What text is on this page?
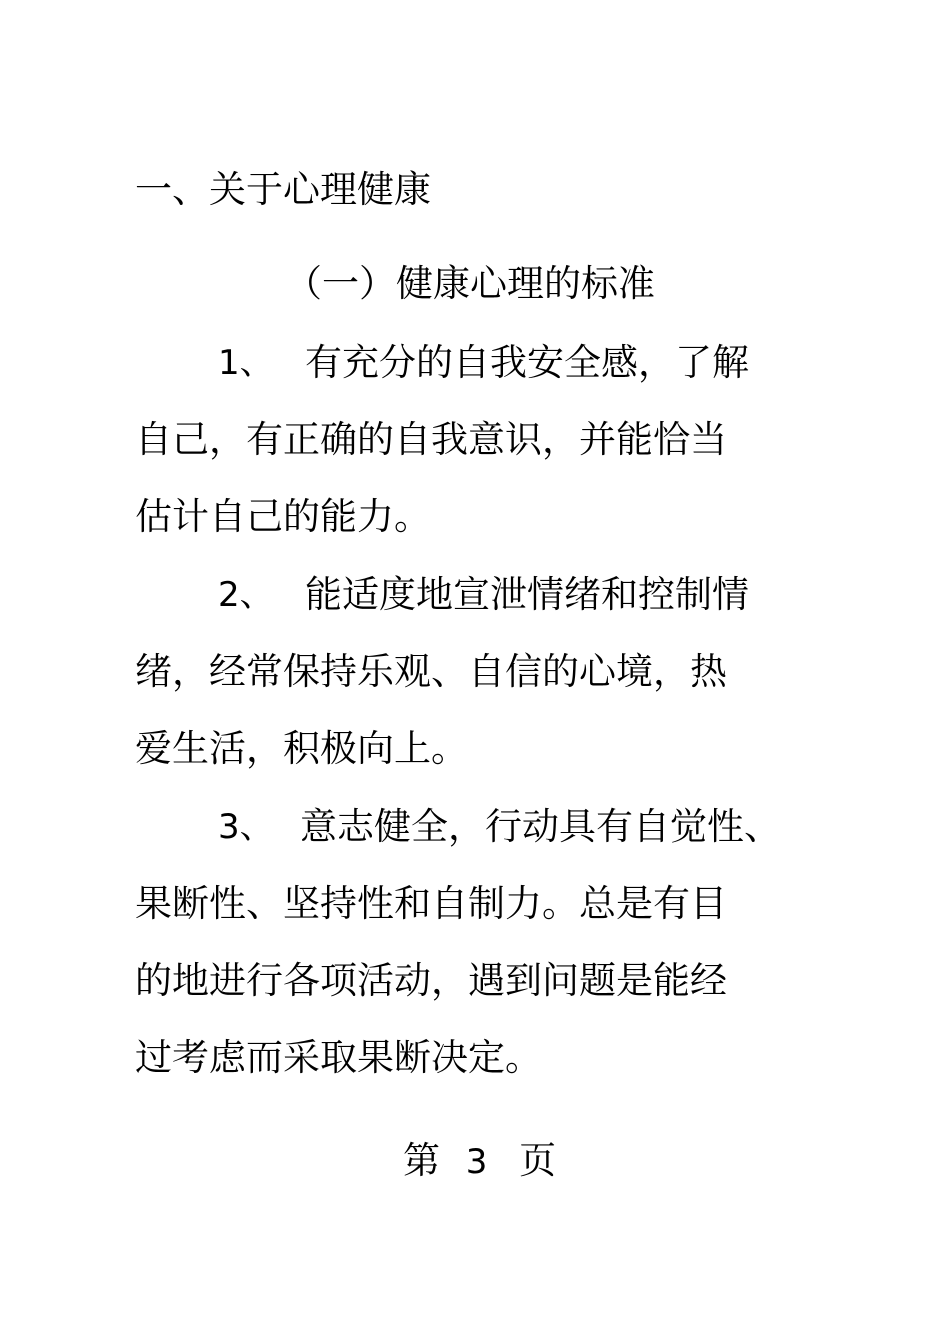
一、关于心理健康
（一）健康心理的标准
1、 有充分的自我安全感，了解
自己，有正确的自我意识，并能恰当
估计自己的能力。
2、 能适度地宣泄情绪和控制情
绪，经常保持乐观、自信的心境，热
爱生活，积极向上。
3、 意志健全，行动具有自觉性、
果断性、坚持性和自制力。总是有目
的地进行各项活动，遇到问题是能经
过考虑而采取果断决定。
第 3 页
